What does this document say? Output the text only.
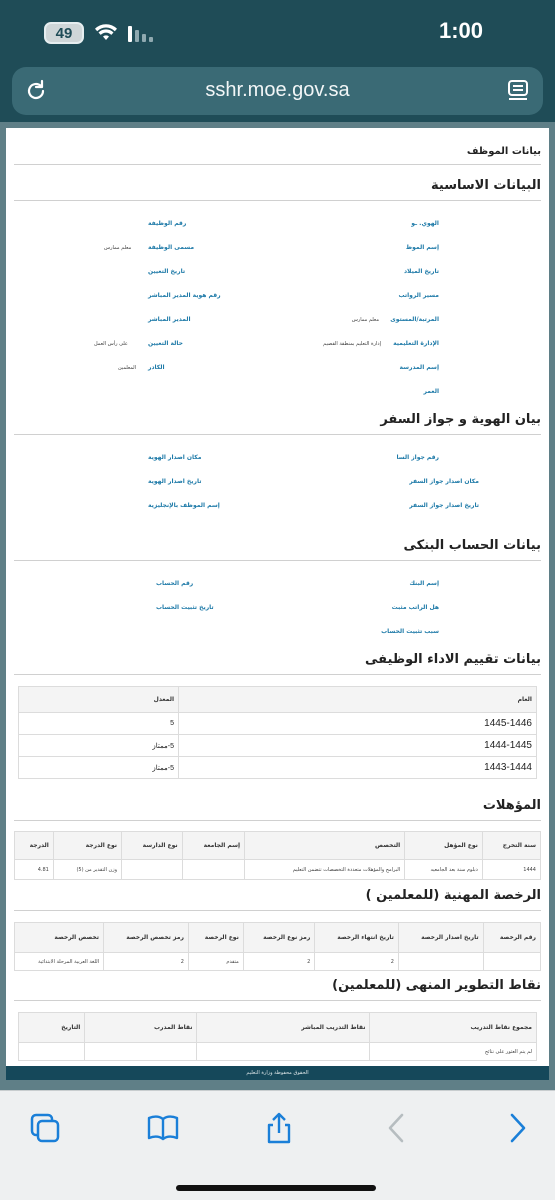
49	1:00
sshr.moe.gov.sa
بيانات الموظف
البيانات الاساسية
الهوي. ـو
إسم الموظ
تاريخ الميلاد
مسير الرواتب
المرتبة/المستوى
معلم ممارس
الإدارة التعليمية
إدارة التعليم بمنطقة القصيم
إسم المدرسة
العمر
رقم الوظيفة
مسمى الوظيفة
معلم ممارس
تاريخ التعيين
رقم هوية المدير المباشر
المدير المباشر
حالة التعيين
على رأس العمل
الكادر
المعلمين
بيان الهوية و جواز السفر
رقم جواز السا
مكان اصدار جواز السفر
تاريخ اصدار جواز السفر
مكان اصدار الهوية
تاريخ اصدار الهوية
إسم الموظف بالإنجليزية
بيانات الحساب البنكى
إسم البنك
هل الراتب مثبت
سبب تثبيت الحساب
رقم الحساب
تاريخ تثبيت الحساب
بيانات تقييم الاداء الوظيفى
العام	المعدل
1445-1446	5
1444-1445	5-ممتاز
1443-1444	5-ممتاز
المؤهلات
سنة التخرج	نوع المؤهل	التخصص	إسم الجامعة	نوع الدارسة	نوع الدرجة	الدرجة
1444	دبلوم سنة بعد الجامعيه	البرامج والمؤهلات متعددة التخصصات تتضمن التعليم			وزن التقدير من (5)	4.81
الرخصة المهنية (للمعلمين )
رقم الرخصة	تاريخ اصدار الرخصة	تاريخ انتهاء الرخصة	رمز نوع الرخصة	نوع الرخصة	رمز تخصص الرخصة	تخصص الرخصة
		2	2	متقدم	2	اللغة العربية المرحلة الابتدائية
نقاط التطوير المنهى (للمعلمين)
مجموع نقاط التدريب	نقاط التدريب المباشر	نقاط المدرب	التاريخ
لم يتم العثور على نتائج			
الحقوق محفوظة وزارة التعليم
